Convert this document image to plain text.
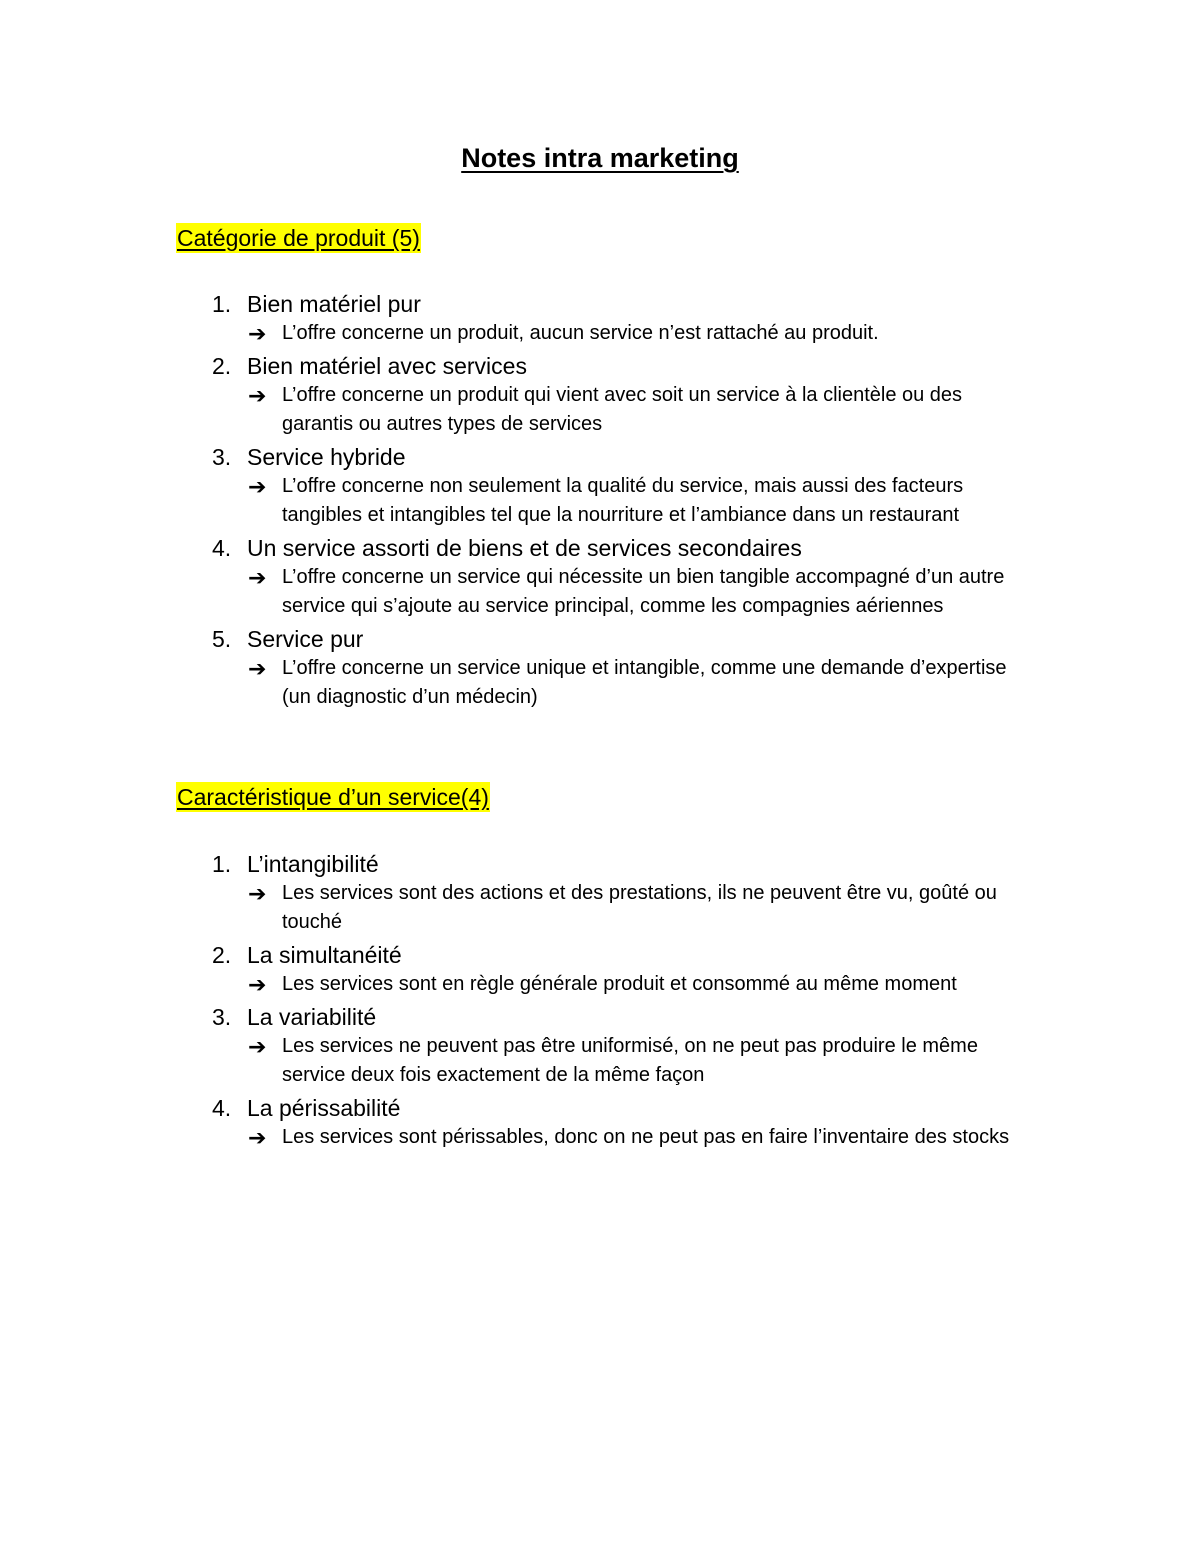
Notes intra marketing
Catégorie de produit (5)
1. Bien matériel pur
➔ L’offre concerne un produit, aucun service n’est rattaché au produit.
2. Bien matériel avec services
➔ L’offre concerne un produit qui vient avec soit un service à la clientèle ou des garantis ou autres types de services
3. Service hybride
➔ L’offre concerne non seulement la qualité du service, mais aussi des facteurs tangibles et intangibles tel que la nourriture et l’ambiance dans un restaurant
4. Un service assorti de biens et de services secondaires
➔ L’offre concerne un service qui nécessite un bien tangible accompagné d’un autre service qui s’ajoute au service principal, comme les compagnies aériennes
5. Service pur
➔ L’offre concerne un service unique et intangible, comme une demande d’expertise (un diagnostic d’un médecin)
Caractéristique d’un service(4)
1. L’intangibilité
➔ Les services sont des actions et des prestations, ils ne peuvent être vu, goûté ou touché
2. La simultanéité
➔ Les services sont en règle générale produit et consommé au même moment
3. La variabilité
➔ Les services ne peuvent pas être uniformisé, on ne peut pas produire le même service deux fois exactement de la même façon
4. La périssabilité
➔ Les services sont périssables, donc on ne peut pas en faire l’inventaire des stocks
